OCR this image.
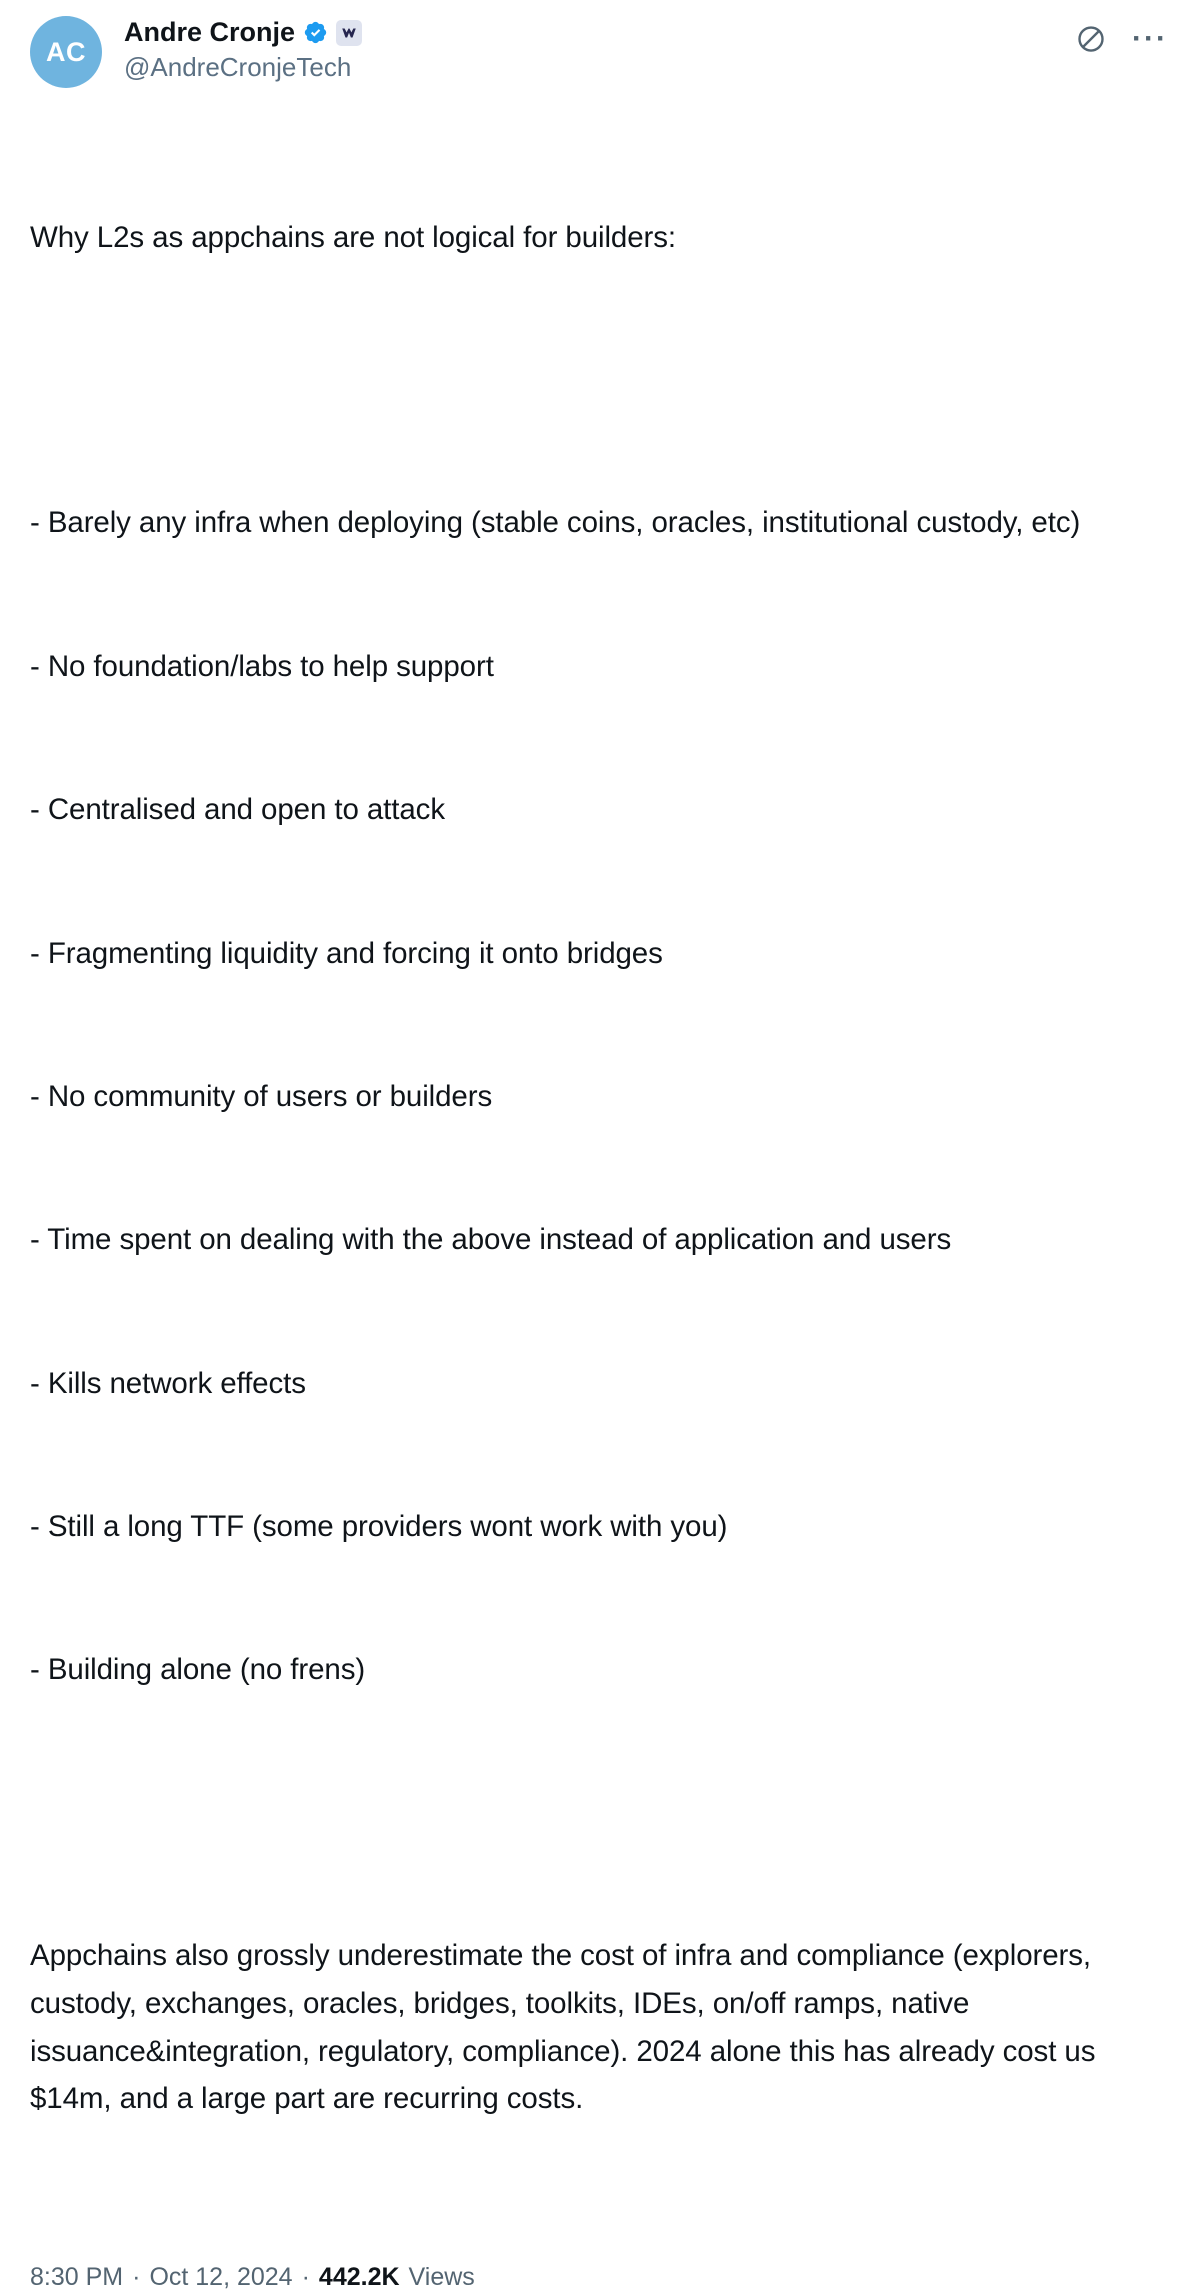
AC
Andre Cronje
@AndreCronjeTech
···

Why L2s as appchains are not logical for builders:

- Barely any infra when deploying (stable coins, oracles, institutional custody, etc)

- No foundation/labs to help support

- Centralised and open to attack

- Fragmenting liquidity and forcing it onto bridges

- No community of users or builders

- Time spent on dealing with the above instead of application and users

- Kills network effects

- Still a long TTF (some providers wont work with you)

- Building alone (no frens)

Appchains also grossly underestimate the cost of infra and compliance (explorers, custody, exchanges, oracles, bridges, toolkits, IDEs, on/off ramps, native issuance&integration, regulatory, compliance). 2024 alone this has already cost us $14m, and a large part are recurring costs.

8:30 PM · Oct 12, 2024 · 442.2K Views
